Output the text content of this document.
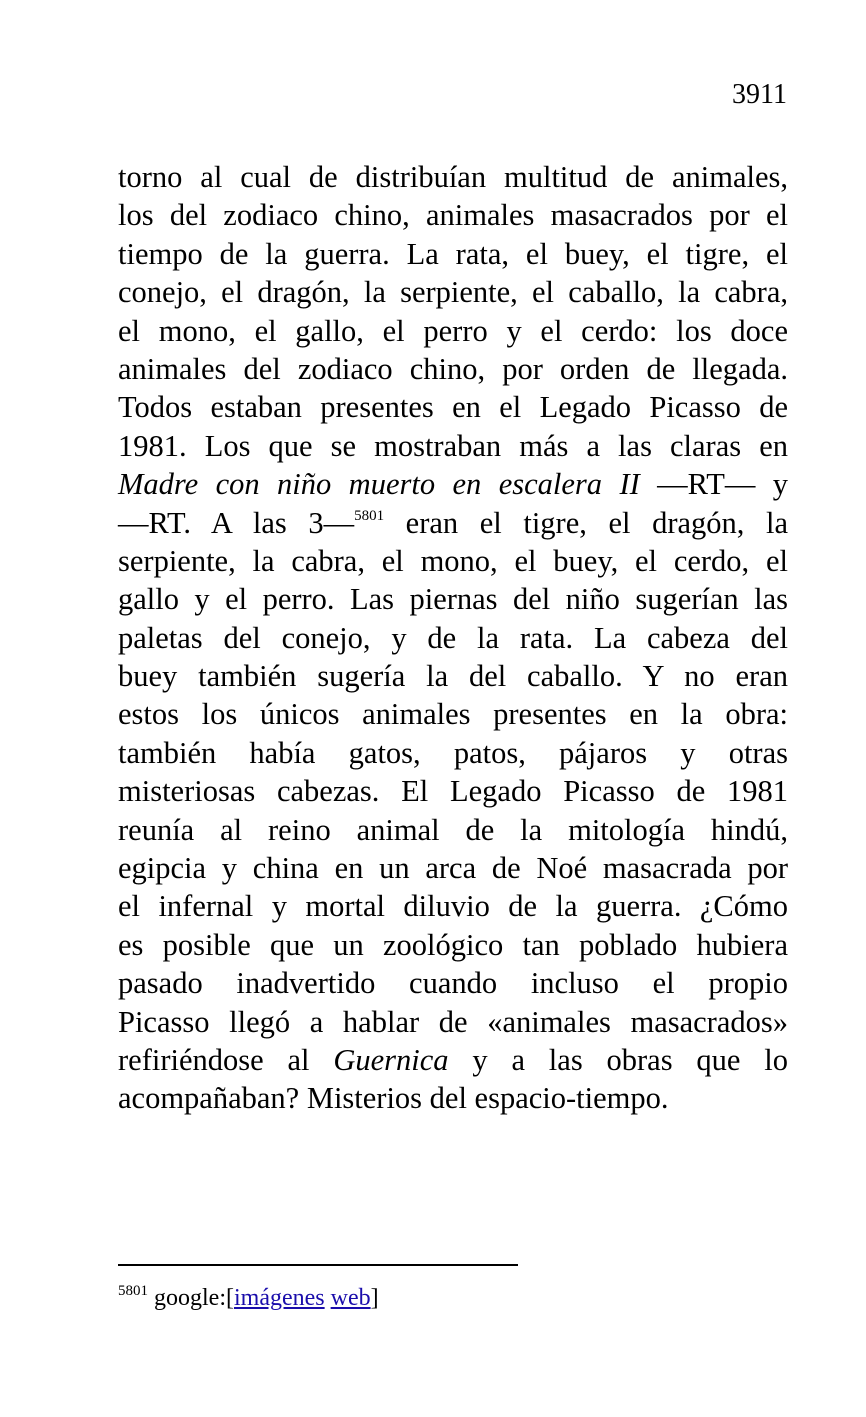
3911
torno al cual de distribuían multitud de animales,
los del zodiaco chino, animales masacrados por el
tiempo de la guerra. La rata, el buey, el tigre, el
conejo, el dragón, la serpiente, el caballo, la cabra,
el mono, el gallo, el perro y el cerdo: los doce
animales del zodiaco chino, por orden de llegada.
Todos estaban presentes en el Legado Picasso de
1981. Los que se mostraban más a las claras en
Madre con niño muerto en escalera II —RT— y
—RT. A las 3—$^{5801}$ eran el tigre, el dragón, la
serpiente, la cabra, el mono, el buey, el cerdo, el
gallo y el perro. Las piernas del niño sugerían las
paletas del conejo, y de la rata. La cabeza del
buey también sugería la del caballo. Y no eran
estos los únicos animales presentes en la obra:
también había gatos, patos, pájaros y otras
misteriosas cabezas. El Legado Picasso de 1981
reunía al reino animal de la mitología hindú,
egipcia y china en un arca de Noé masacrada por
el infernal y mortal diluvio de la guerra. ¿Cómo
es posible que un zoológico tan poblado hubiera
pasado inadvertido cuando incluso el propio
Picasso llegó a hablar de «animales masacrados»
refiriéndose al Guernica y a las obras que lo
acompañaban? Misterios del espacio-tiempo.
$^{5801}$ google:[imágenes web]
